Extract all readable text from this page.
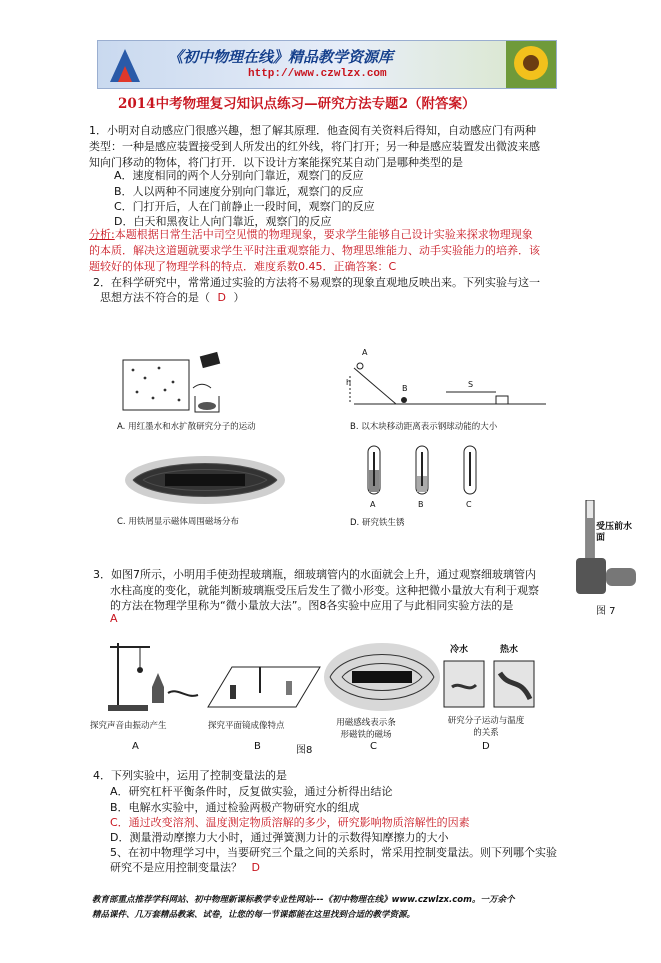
《初中物理在线》精品教学资源库
http://www.czwlzx.com
2014中考物理复习知识点练习—研究方法专题2（附答案）
1．小明对自动感应门很感兴趣，想了解其原理．他查阅有关资料后得知，自动感应门有两种
类型：一种是感应装置接受到人所发出的红外线，将门打开；另一种是感应装置发出微波来感
知向门移动的物体，将门打开．以下设计方案能探究某自动门是哪种类型的是
A．速度相同的两个人分别向门靠近，观察门的反应
B．人以两种不同速度分别向门靠近，观察门的反应
C．门打开后，人在门前静止一段时间，观察门的反应
D．白天和黑夜让人向门靠近，观察门的反应
分析:本题根据日常生活中司空见惯的物理现象，要求学生能够自己设计实验来探求物理现象
的本质．解决这道题就要求学生平时注重观察能力、物理思维能力、动手实验能力的培养．该
题较好的体现了物理学科的特点．难度系数0.45．正确答案：C
2．在科学研究中，常常通过实验的方法将不易观察的现象直观地反映出来。下列实验与这一
思想方法不符合的是（ D ）
A. 用红墨水和水扩散研究分子的运动
A
h
B	S
B. 以木块移动距离表示钢球动能的大小
C. 用铁屑显示磁体周围磁场分布
A	B	C
D. 研究铁生锈	受压前水面
图 7
3．如图7所示，小明用手使劲捏玻璃瓶，细玻璃管内的水面就会上升，通过观察细玻璃管内
水柱高度的变化，就能判断玻璃瓶受压后发生了微小形变。这种把微小量放大有利于观察
的方法在物理学里称为“微小量放大法”。图8各实验中应用了与此相同实验方法的是
A
冷水	热水
探究声音由振动产生	探究平面镜成像特点	用磁感线表示条形磁铁的磁场
研究分子运动与温度的关系
A	B	图8	C	D
4．下列实验中，运用了控制变量法的是
A．研究杠杆平衡条件时，反复做实验，通过分析得出结论
B．电解水实验中，通过检验两极产物研究水的组成
C．通过改变溶剂、温度测定物质溶解的多少，研究影响物质溶解性的因素
D．测量滑动摩擦力大小时，通过弹簧测力计的示数得知摩擦力的大小
5、在初中物理学习中，当要研究三个量之间的关系时，常采用控制变量法。则下列哪个实验
研究不是应用控制变量法？ D
教育部重点推荐学科网站、初中物理新课标教学专业性网站---《初中物理在线》www.czwlzx.com。一万余个
精品课件、几万套精品教案、试卷，让您的每一节课都能在这里找到合适的教学资源。
